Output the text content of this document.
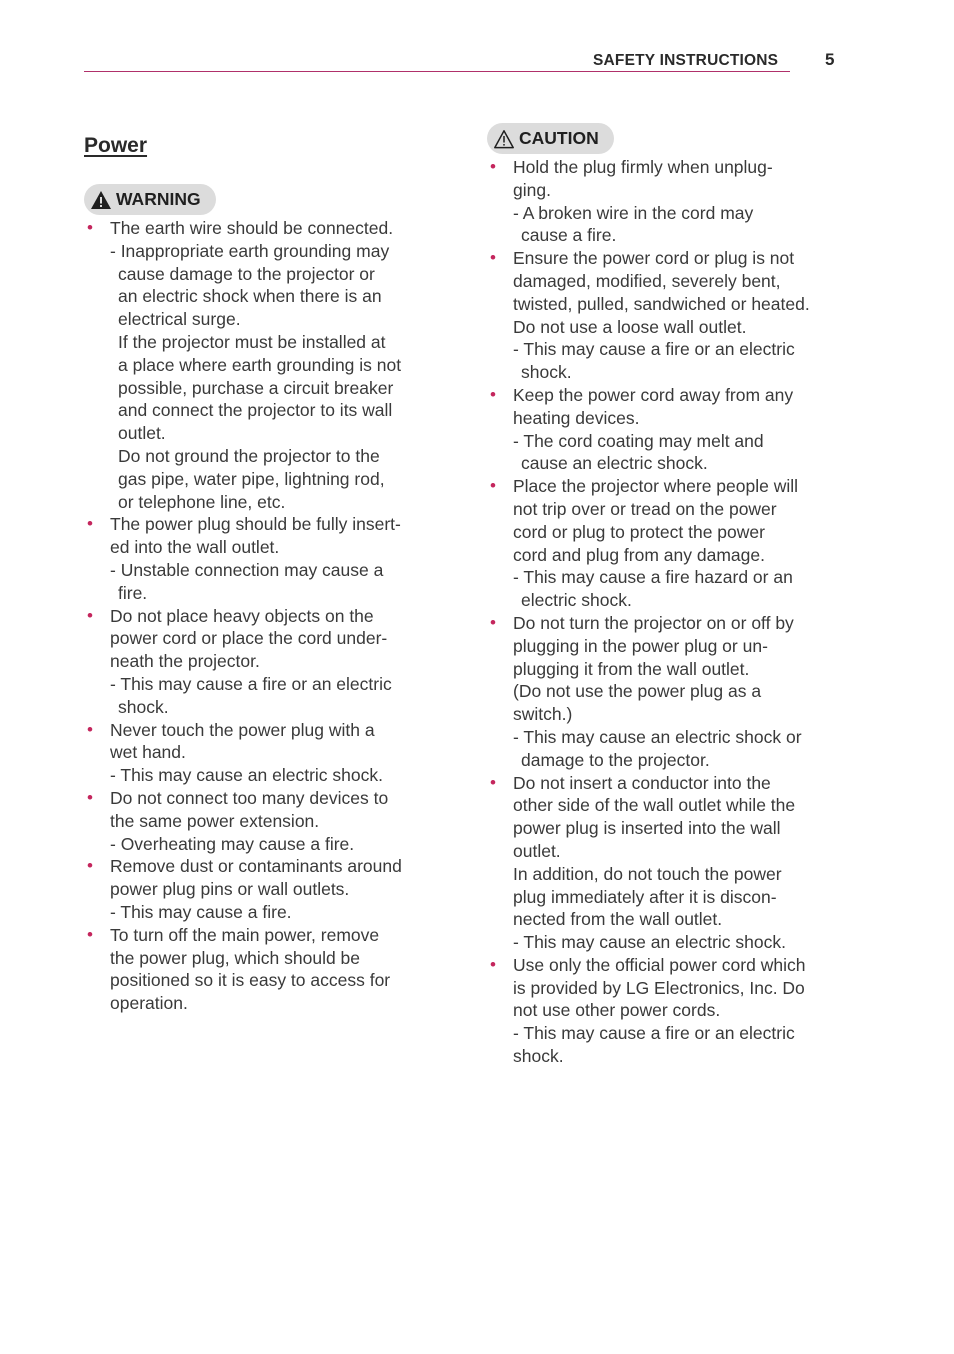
SAFETY INSTRUCTIONS	5
Power
WARNING
CAUTION
• The earth wire should be connected.
- Inappropriate earth grounding may
cause damage to the projector or
an electric shock when there is an
electrical surge.
If the projector must be installed at
a place where earth grounding is not
possible, purchase a circuit breaker
and connect the projector to its wall
outlet.
Do not ground the projector to the
gas pipe, water pipe, lightning rod,
or telephone line, etc.
• The power plug should be fully insert-
ed into the wall outlet.
- Unstable connection may cause a
fire.
• Do not place heavy objects on the
power cord or place the cord under-
neath the projector.
- This may cause a fire or an electric
shock.
• Never touch the power plug with a
wet hand.
- This may cause an electric shock.
• Do not connect too many devices to
the same power extension.
- Overheating may cause a fire.
• Remove dust or contaminants around
power plug pins or wall outlets.
- This may cause a fire.
• To turn off the main power, remove
the power plug, which should be
positioned so it is easy to access for
operation.
• Hold the plug firmly when unplug-
ging.
- A broken wire in the cord may
cause a fire.
• Ensure the power cord or plug is not
damaged, modified, severely bent,
twisted, pulled, sandwiched or heated.
Do not use a loose wall outlet.
- This may cause a fire or an electric
shock.
• Keep the power cord away from any
heating devices.
- The cord coating may melt and
cause an electric shock.
• Place the projector where people will
not trip over or tread on the power
cord or plug to protect the power
cord and plug from any damage.
- This may cause a fire hazard or an
electric shock.
• Do not turn the projector on or off by
plugging in the power plug or un-
plugging it from the wall outlet.
(Do not use the power plug as a
switch.)
- This may cause an electric shock or
damage to the projector.
• Do not insert a conductor into the
other side of the wall outlet while the
power plug is inserted into the wall
outlet.
In addition, do not touch the power
plug immediately after it is discon-
nected from the wall outlet.
- This may cause an electric shock.
• Use only the official power cord which
is provided by LG Electronics, Inc. Do
not use other power cords.
- This may cause a fire or an electric
shock.
